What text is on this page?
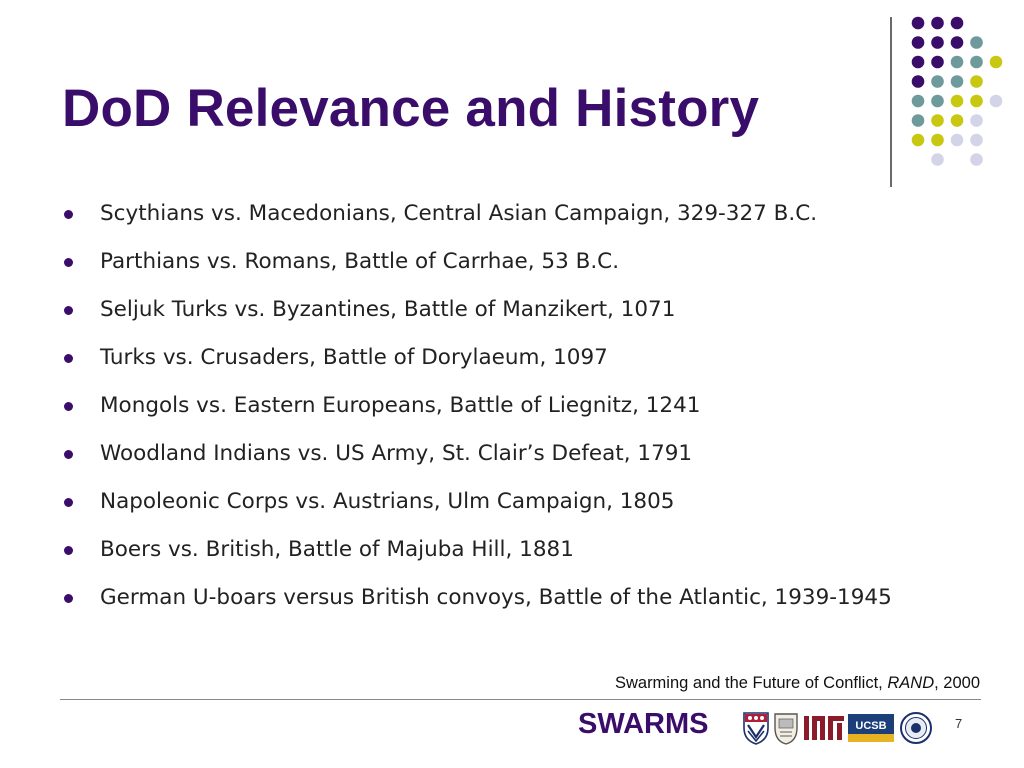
DoD Relevance and History
Scythians vs. Macedonians, Central Asian Campaign, 329-327 B.C.
Parthians vs. Romans, Battle of Carrhae, 53 B.C.
Seljuk Turks vs. Byzantines, Battle of Manzikert, 1071
Turks vs. Crusaders, Battle of Dorylaeum, 1097
Mongols vs. Eastern Europeans, Battle of Liegnitz, 1241
Woodland Indians vs. US Army, St. Clair’s Defeat, 1791
Napoleonic Corps vs. Austrians, Ulm Campaign, 1805
Boers vs. British, Battle of Majuba Hill, 1881
German U-boars versus British convoys, Battle of the Atlantic, 1939-1945
Swarming and the Future of Conflict, RAND, 2000
SWARMS	UCSB	7
